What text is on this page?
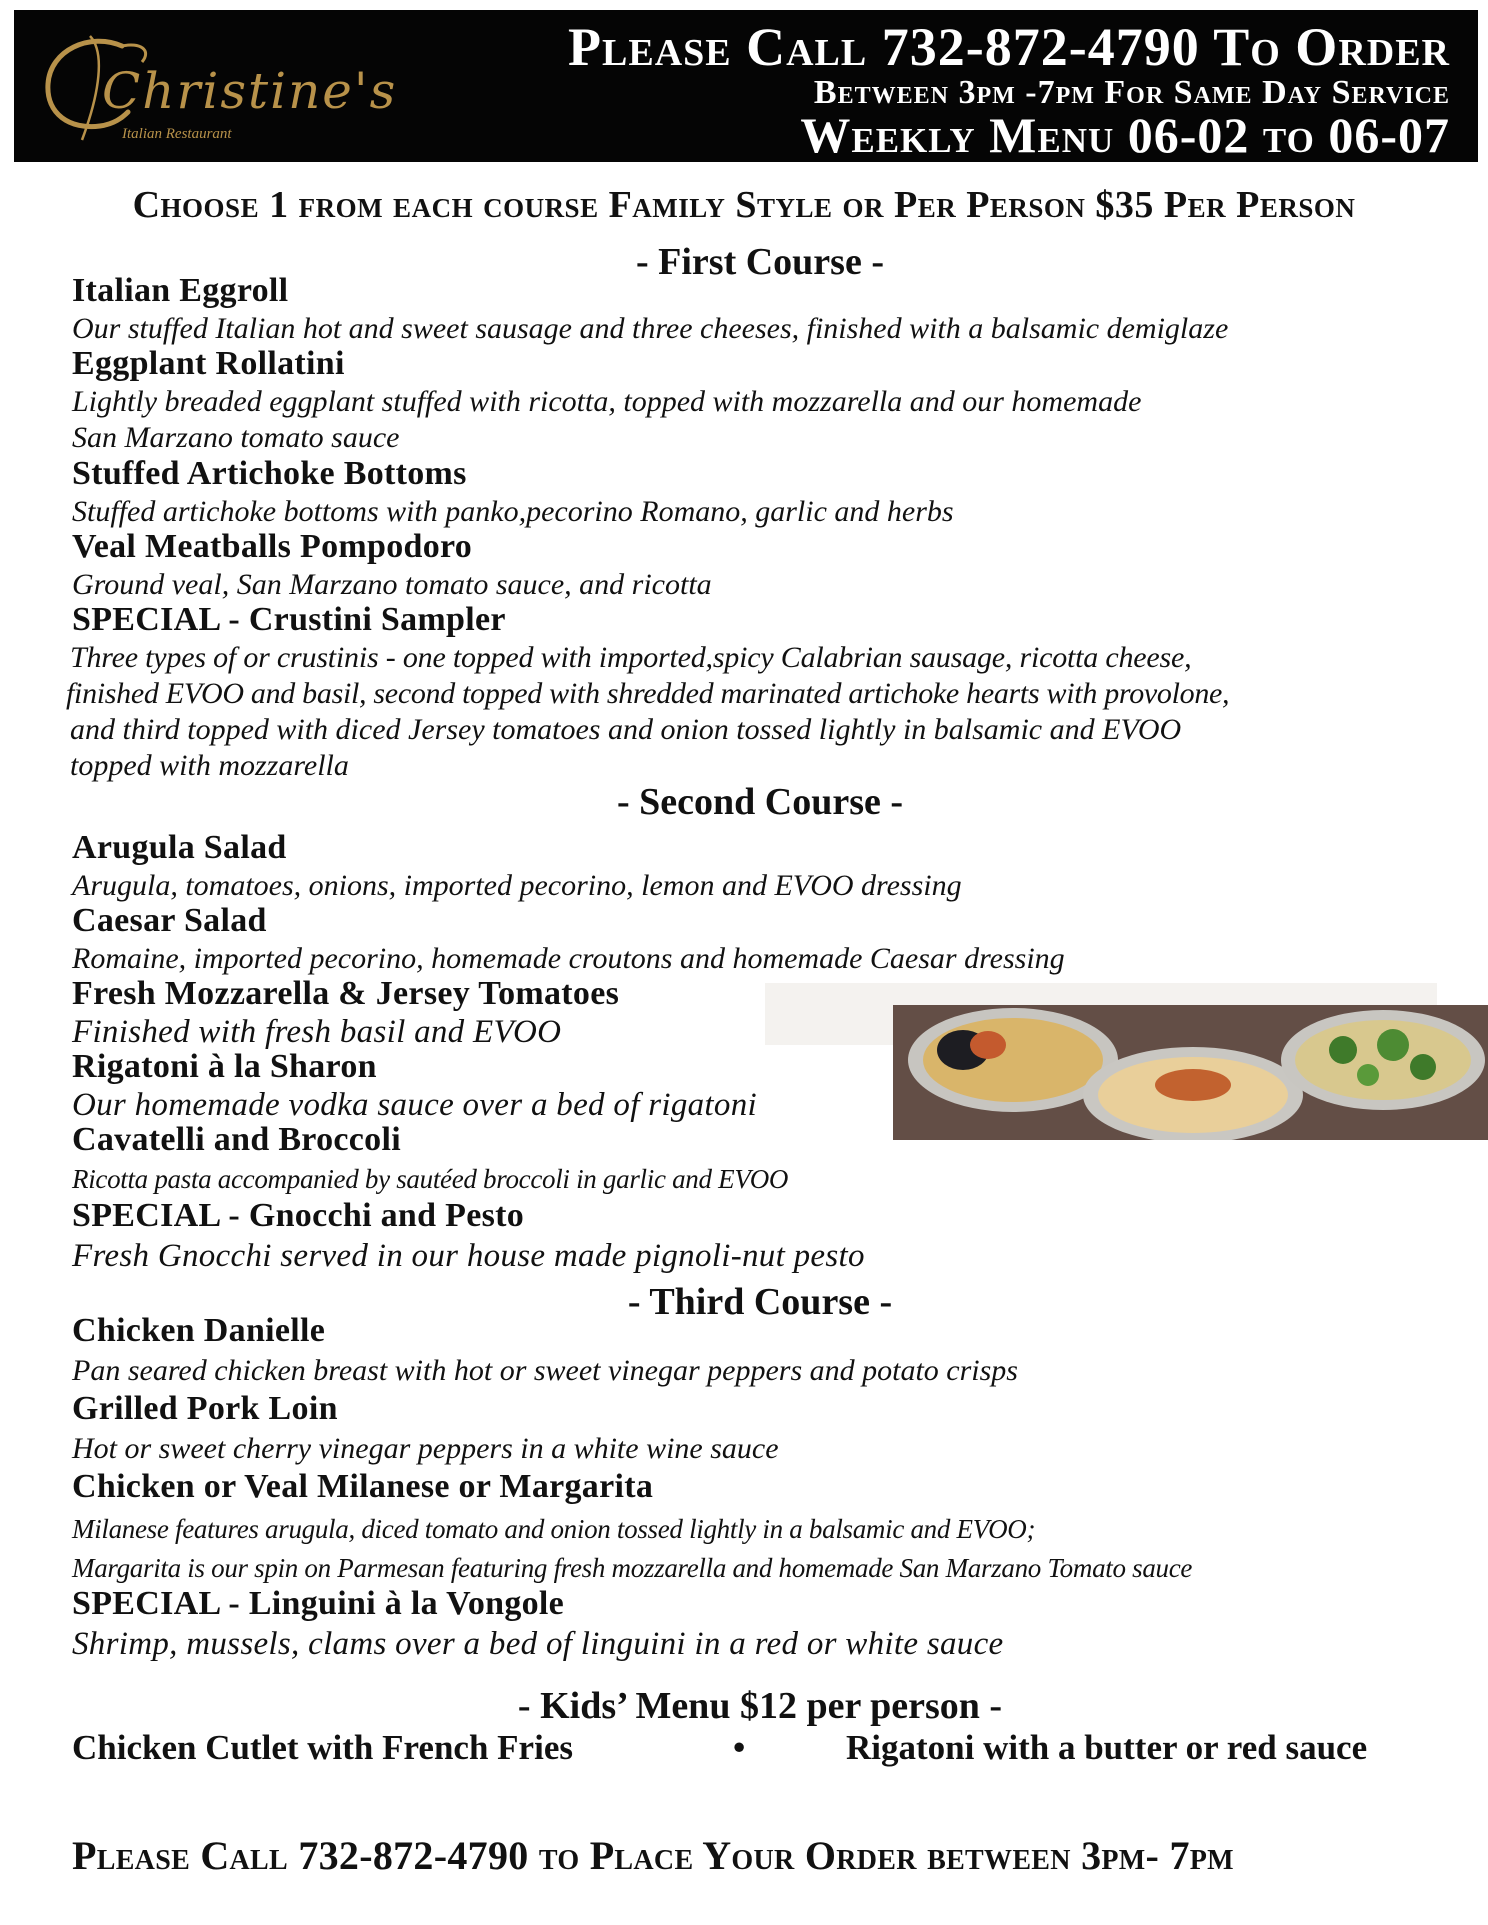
Christine's
Italian Restaurant
Please Call 732-872-4790 To Order
Between 3pm -7pm For Same Day Service
Weekly Menu 06-02 to 06-07
Choose 1 from each course Family Style or Per Person $35 Per Person
- First Course -
Italian Eggroll
Our stuffed Italian hot and sweet sausage and three cheeses, finished with a balsamic demiglaze
Eggplant Rollatini
Lightly breaded eggplant stuffed with ricotta, topped with mozzarella and our homemade
San Marzano tomato sauce
Stuffed Artichoke Bottoms
Stuffed artichoke bottoms with panko,pecorino Romano, garlic and herbs
Veal Meatballs Pompodoro
Ground veal, San Marzano tomato sauce, and ricotta
SPECIAL - Crustini Sampler
Three types of or crustinis - one topped with imported,spicy Calabrian sausage, ricotta cheese,
finished EVOO and basil, second topped with shredded marinated artichoke hearts with provolone,
and third topped with diced Jersey tomatoes and onion tossed lightly in balsamic and EVOO
topped with mozzarella
- Second Course -
Arugula Salad
Arugula, tomatoes, onions, imported pecorino, lemon and EVOO dressing
Caesar Salad
Romaine, imported pecorino, homemade croutons and homemade Caesar dressing
Fresh Mozzarella & Jersey Tomatoes
Finished with fresh basil and EVOO
Rigatoni à la Sharon
Our homemade vodka sauce over a bed of rigatoni
Cavatelli and Broccoli
Ricotta pasta accompanied by sautéed broccoli in garlic and EVOO
SPECIAL - Gnocchi and Pesto
Fresh Gnocchi served in our house made pignoli-nut pesto
- Third Course -
Chicken Danielle
Pan seared chicken breast with hot or sweet vinegar peppers and potato crisps
Grilled Pork Loin
Hot or sweet cherry vinegar peppers in a white wine sauce
Chicken or Veal Milanese or Margarita
Milanese features arugula, diced tomato and onion tossed lightly in a balsamic and EVOO;
Margarita is our spin on Parmesan featuring fresh mozzarella and homemade San Marzano Tomato sauce
SPECIAL - Linguini à la Vongole
Shrimp, mussels, clams over a bed of linguini in a red or white sauce
- Kids’ Menu $12 per person -
Chicken Cutlet with French Fries	•	Rigatoni with a butter or red sauce
Please Call 732-872-4790 to Place Your Order between 3pm- 7pm
